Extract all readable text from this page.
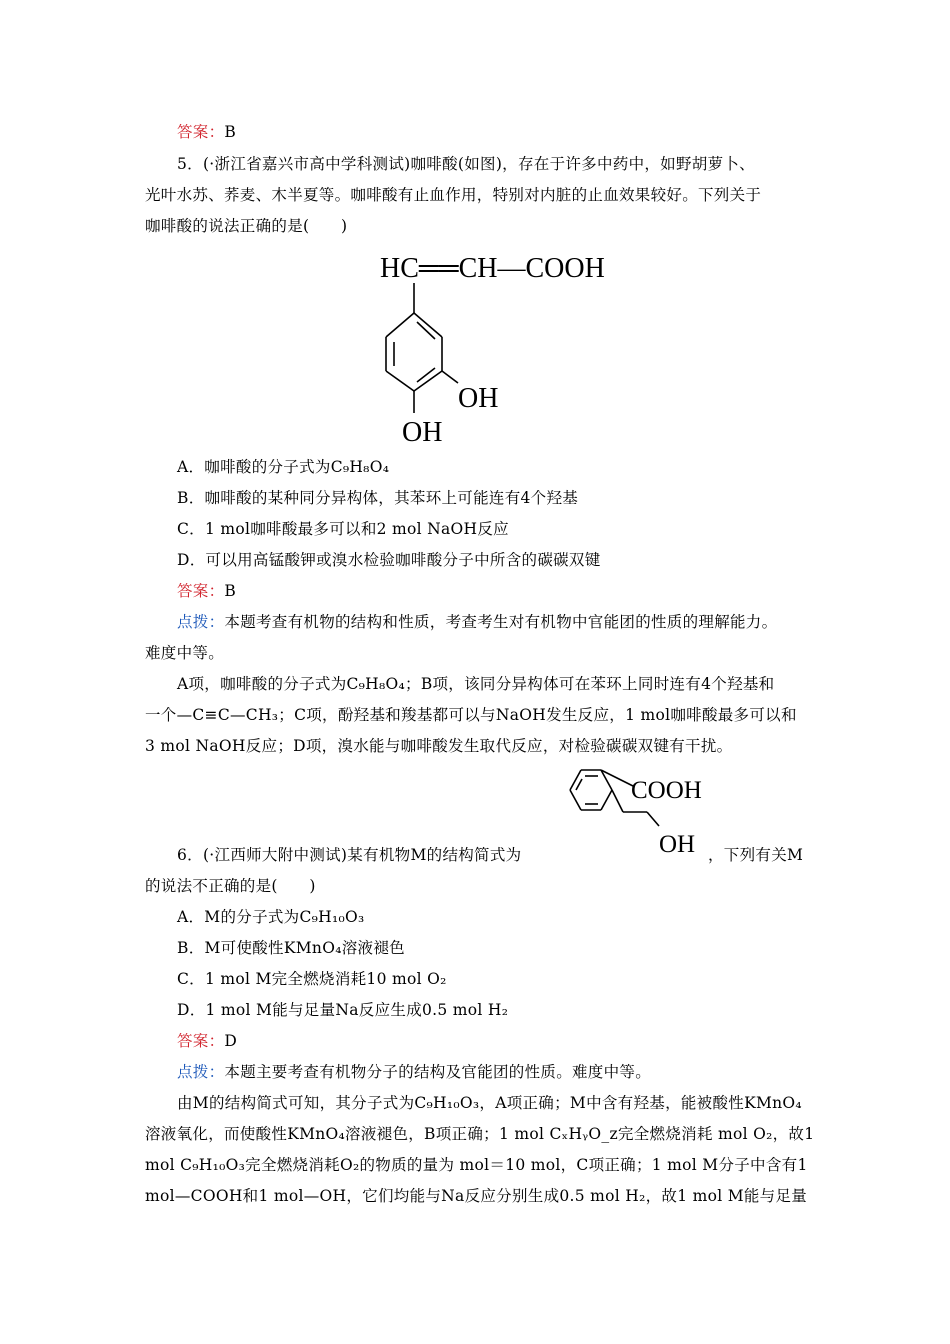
答案：B
5．(·浙江省嘉兴市高中学科测试)咖啡酸(如图)，存在于许多中药中，如野胡萝卜、
光叶水苏、荞麦、木半夏等。咖啡酸有止血作用，特别对内脏的止血效果较好。下列关于
咖啡酸的说法正确的是(　　)
HC══CH—COOH
OH
OH
A．咖啡酸的分子式为C₉H₈O₄
B．咖啡酸的某种同分异构体，其苯环上可能连有4个羟基
C．1 mol咖啡酸最多可以和2 mol NaOH反应
D．可以用高锰酸钾或溴水检验咖啡酸分子中所含的碳碳双键
答案：B
点拨：本题考查有机物的结构和性质，考查考生对有机物中官能团的性质的理解能力。
难度中等。
A项，咖啡酸的分子式为C₉H₈O₄；B项，该同分异构体可在苯环上同时连有4个羟基和
一个—C≡C—CH₃；C项，酚羟基和羧基都可以与NaOH发生反应，1 mol咖啡酸最多可以和
3 mol NaOH反应；D项，溴水能与咖啡酸发生取代反应，对检验碳碳双键有干扰。
COOH
OH
6．(·江西师大附中测试)某有机物M的结构简式为	，下列有关M
的说法不正确的是(　　)
A．M的分子式为C₉H₁₀O₃
B．M可使酸性KMnO₄溶液褪色
C．1 mol M完全燃烧消耗10 mol O₂
D．1 mol M能与足量Na反应生成0.5 mol H₂
答案：D
点拨：本题主要考查有机物分子的结构及官能团的性质。难度中等。
由M的结构简式可知，其分子式为C₉H₁₀O₃，A项正确；M中含有羟基，能被酸性KMnO₄
溶液氧化，而使酸性KMnO₄溶液褪色，B项正确；1 mol CₓHᵧO_z完全燃烧消耗 mol O₂，故1
mol C₉H₁₀O₃完全燃烧消耗O₂的物质的量为 mol＝10 mol，C项正确；1 mol M分子中含有1
mol—COOH和1 mol—OH，它们均能与Na反应分别生成0.5 mol H₂，故1 mol M能与足量
